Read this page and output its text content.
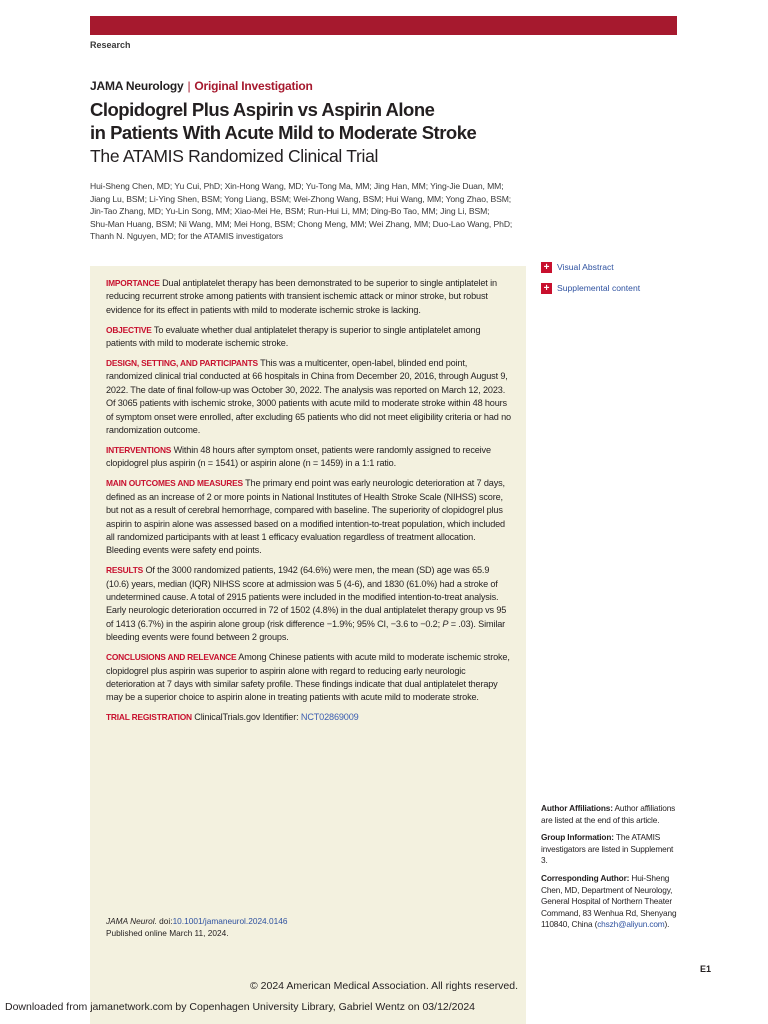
Research
JAMA Neurology | Original Investigation
Clopidogrel Plus Aspirin vs Aspirin Alone
in Patients With Acute Mild to Moderate Stroke
The ATAMIS Randomized Clinical Trial
Hui-Sheng Chen, MD; Yu Cui, PhD; Xin-Hong Wang, MD; Yu-Tong Ma, MM; Jing Han, MM; Ying-Jie Duan, MM;
Jiang Lu, BSM; Li-Ying Shen, BSM; Yong Liang, BSM; Wei-Zhong Wang, BSM; Hui Wang, MM; Yong Zhao, BSM;
Jin-Tao Zhang, MD; Yu-Lin Song, MM; Xiao-Mei He, BSM; Run-Hui Li, MM; Ding-Bo Tao, MM; Jing Li, BSM;
Shu-Man Huang, BSM; Ni Wang, MM; Mei Hong, BSM; Chong Meng, MM; Wei Zhang, MM; Duo-Lao Wang, PhD;
Thanh N. Nguyen, MD; for the ATAMIS investigators

IMPORTANCE Dual antiplatelet therapy has been demonstrated to be superior to single antiplatelet in reducing recurrent stroke among patients with transient ischemic attack or minor stroke, but robust evidence for its effect in patients with mild to moderate ischemic stroke is lacking.

OBJECTIVE To evaluate whether dual antiplatelet therapy is superior to single antiplatelet among patients with mild to moderate ischemic stroke.

DESIGN, SETTING, AND PARTICIPANTS This was a multicenter, open-label, blinded end point, randomized clinical trial conducted at 66 hospitals in China from December 20, 2016, through August 9, 2022. The date of final follow-up was October 30, 2022. The analysis was reported on March 12, 2023. Of 3065 patients with ischemic stroke, 3000 patients with acute mild to moderate stroke within 48 hours of symptom onset were enrolled, after excluding 65 patients who did not meet eligibility criteria or had no randomization outcome.

INTERVENTIONS Within 48 hours after symptom onset, patients were randomly assigned to receive clopidogrel plus aspirin (n = 1541) or aspirin alone (n = 1459) in a 1:1 ratio.

MAIN OUTCOMES AND MEASURES The primary end point was early neurologic deterioration at 7 days, defined as an increase of 2 or more points in National Institutes of Health Stroke Scale (NIHSS) score, but not as a result of cerebral hemorrhage, compared with baseline. The superiority of clopidogrel plus aspirin to aspirin alone was assessed based on a modified intention-to-treat population, which included all randomized participants with at least 1 efficacy evaluation regardless of treatment allocation. Bleeding events were safety end points.

RESULTS Of the 3000 randomized patients, 1942 (64.6%) were men, the mean (SD) age was 65.9 (10.6) years, median (IQR) NIHSS score at admission was 5 (4-6), and 1830 (61.0%) had a stroke of undetermined cause. A total of 2915 patients were included in the modified intention-to-treat analysis. Early neurologic deterioration occurred in 72 of 1502 (4.8%) in the dual antiplatelet therapy group vs 95 of 1413 (6.7%) in the aspirin alone group (risk difference −1.9%; 95% CI, −3.6 to −0.2; P = .03). Similar bleeding events were found between 2 groups.

CONCLUSIONS AND RELEVANCE Among Chinese patients with acute mild to moderate ischemic stroke, clopidogrel plus aspirin was superior to aspirin alone with regard to reducing early neurologic deterioration at 7 days with similar safety profile. These findings indicate that dual antiplatelet therapy may be a superior choice to aspirin alone in treating patients with acute mild to moderate stroke.

TRIAL REGISTRATION ClinicalTrials.gov Identifier: NCT02869009

+ Visual Abstract
+ Supplemental content

Author Affiliations: Author affiliations are listed at the end of this article.

Group Information: The ATAMIS investigators are listed in Supplement 3.

Corresponding Author: Hui-Sheng Chen, MD, Department of Neurology, General Hospital of Northern Theater Command, 83 Wenhua Rd, Shenyang 110840, China (chszh@aliyun.com).

JAMA Neurol. doi:10.1001/jamaneurol.2024.0146
Published online March 11, 2024.
E1
© 2024 American Medical Association. All rights reserved.
Downloaded from jamanetwork.com by Copenhagen University Library, Gabriel Wentz on 03/12/2024
